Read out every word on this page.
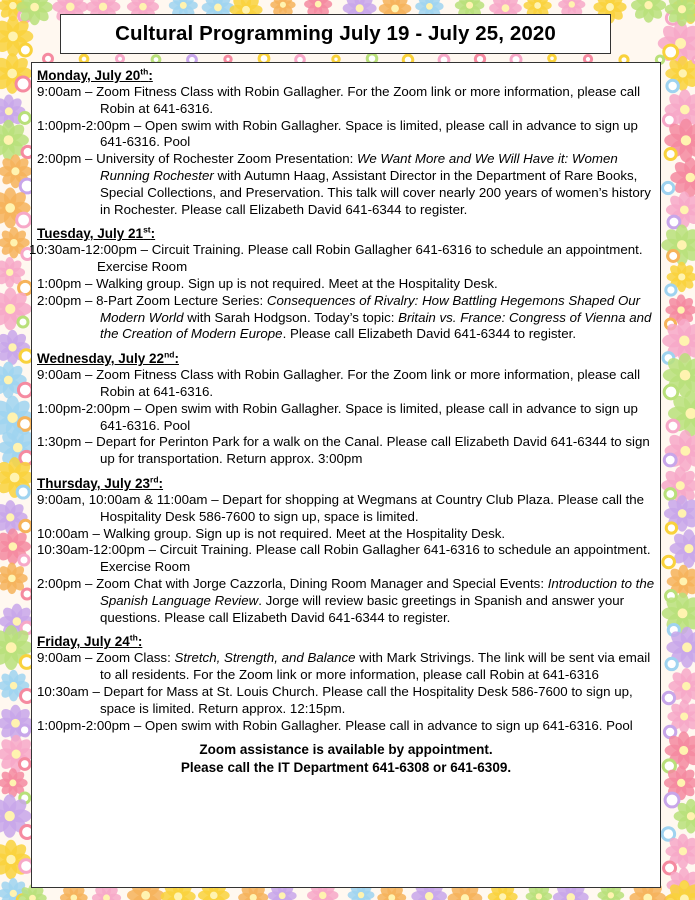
Cultural Programming July 19 - July 25, 2020
Monday, July 20th:
9:00am – Zoom Fitness Class with Robin Gallagher. For the Zoom link or more information, please call Robin at 641-6316.
1:00pm-2:00pm – Open swim with Robin Gallagher. Space is limited, please call in advance to sign up 641-6316. Pool
2:00pm – University of Rochester Zoom Presentation: We Want More and We Will Have it: Women Running Rochester with Autumn Haag, Assistant Director in the Department of Rare Books, Special Collections, and Preservation. This talk will cover nearly 200 years of women’s history in Rochester. Please call Elizabeth David 641-6344 to register.
Tuesday, July 21st:
10:30am-12:00pm – Circuit Training. Please call Robin Gallagher 641-6316 to schedule an appointment. Exercise Room
1:00pm – Walking group. Sign up is not required. Meet at the Hospitality Desk.
2:00pm – 8-Part Zoom Lecture Series: Consequences of Rivalry: How Battling Hegemons Shaped Our Modern World with Sarah Hodgson. Today’s topic: Britain vs. France: Congress of Vienna and the Creation of Modern Europe. Please call Elizabeth David 641-6344 to register.
Wednesday, July 22nd:
9:00am – Zoom Fitness Class with Robin Gallagher. For the Zoom link or more information, please call Robin at 641-6316.
1:00pm-2:00pm – Open swim with Robin Gallagher. Space is limited, please call in advance to sign up 641-6316. Pool
1:30pm – Depart for Perinton Park for a walk on the Canal. Please call Elizabeth David 641-6344 to sign up for transportation. Return approx. 3:00pm
Thursday, July 23rd:
9:00am, 10:00am & 11:00am – Depart for shopping at Wegmans at Country Club Plaza. Please call the Hospitality Desk 586-7600 to sign up, space is limited.
10:00am – Walking group. Sign up is not required. Meet at the Hospitality Desk.
10:30am-12:00pm – Circuit Training. Please call Robin Gallagher 641-6316 to schedule an appointment. Exercise Room
2:00pm – Zoom Chat with Jorge Cazzorla, Dining Room Manager and Special Events: Introduction to the Spanish Language Review. Jorge will review basic greetings in Spanish and answer your questions. Please call Elizabeth David 641-6344 to register.
Friday, July 24th:
9:00am – Zoom Class: Stretch, Strength, and Balance with Mark Strivings. The link will be sent via email to all residents. For the Zoom link or more information, please call Robin at 641-6316
10:30am – Depart for Mass at St. Louis Church. Please call the Hospitality Desk 586-7600 to sign up, space is limited. Return approx. 12:15pm.
1:00pm-2:00pm – Open swim with Robin Gallagher. Please call in advance to sign up 641-6316. Pool
Zoom assistance is available by appointment.
Please call the IT Department 641-6308 or 641-6309.
